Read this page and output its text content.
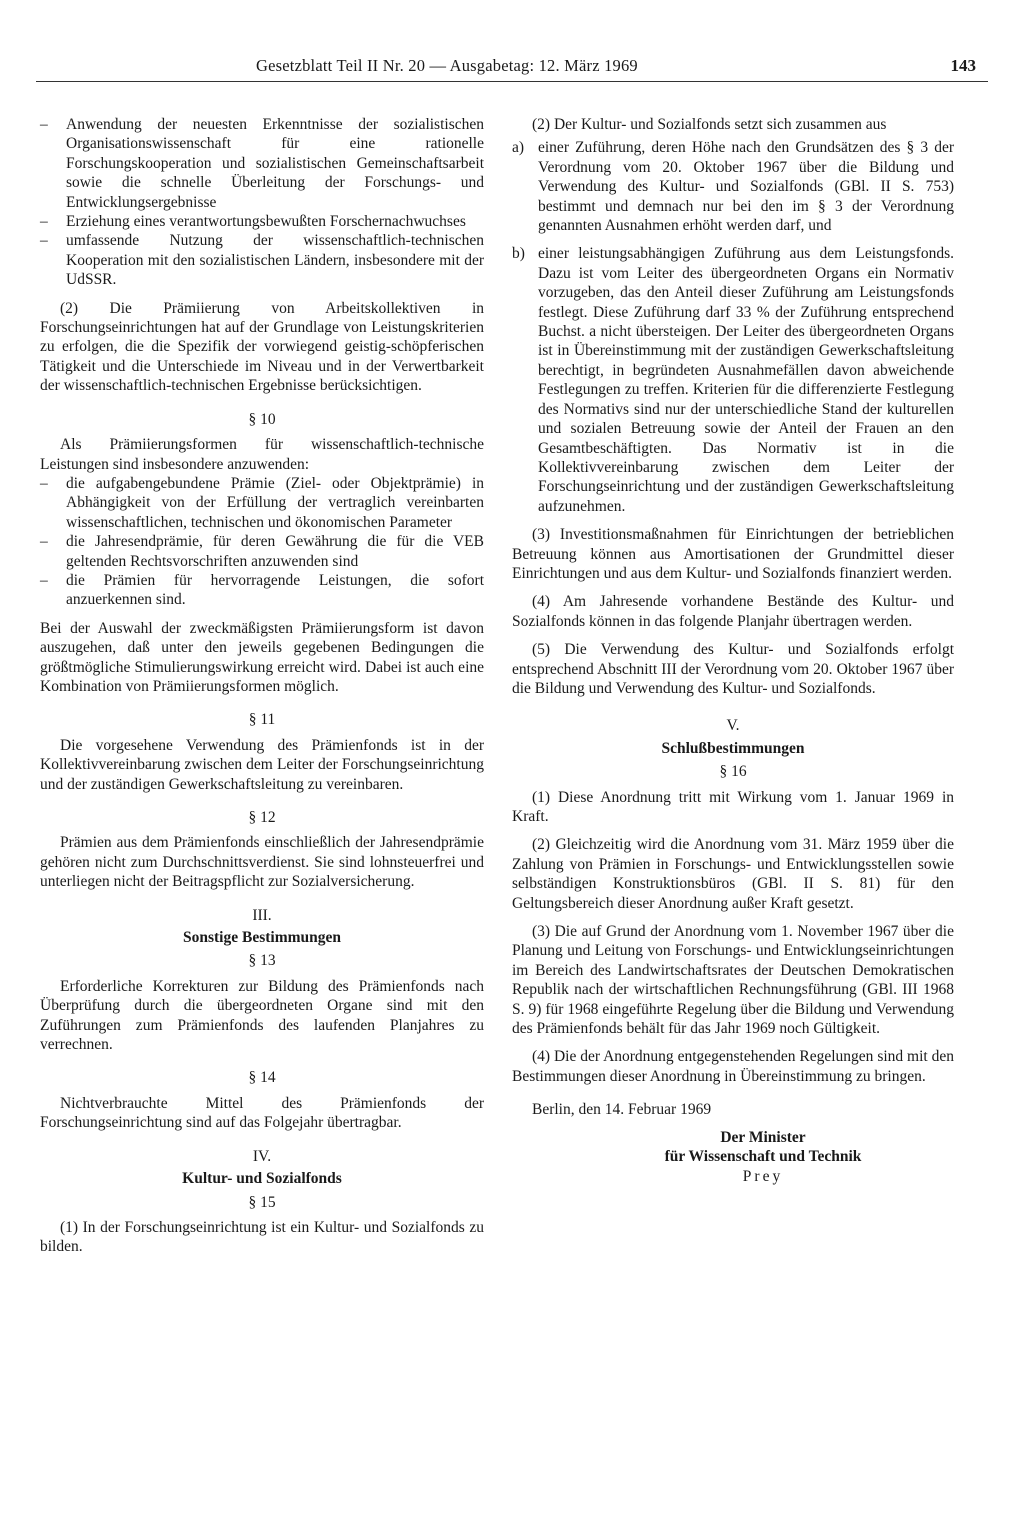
Gesetzblatt Teil II Nr. 20 — Ausgabetag: 12. März 1969	143
– Anwendung der neuesten Erkenntnisse der sozialistischen Organisationswissenschaft für eine rationelle Forschungskooperation und sozialistischen Gemeinschaftsarbeit sowie die schnelle Überleitung der Forschungs- und Entwicklungsergebnisse
– Erziehung eines verantwortungsbewußten Forschernachwuchses
– umfassende Nutzung der wissenschaftlich-technischen Kooperation mit den sozialistischen Ländern, insbesondere mit der UdSSR.

(2) Die Prämiierung von Arbeitskollektiven in Forschungseinrichtungen hat auf der Grundlage von Leistungskriterien zu erfolgen, die die Spezifik der vorwiegend geistig-schöpferischen Tätigkeit und die Unterschiede im Niveau und in der Verwertbarkeit der wissenschaftlich-technischen Ergebnisse berücksichtigen.

§ 10

Als Prämiierungsformen für wissenschaftlich-technische Leistungen sind insbesondere anzuwenden:

– die aufgabengebundene Prämie (Ziel- oder Objektprämie) in Abhängigkeit von der Erfüllung der vertraglich vereinbarten wissenschaftlichen, technischen und ökonomischen Parameter
– die Jahresendprämie, für deren Gewährung die für die VEB geltenden Rechtsvorschriften anzuwenden sind
– die Prämien für hervorragende Leistungen, die sofort anzuerkennen sind.

Bei der Auswahl der zweckmäßigsten Prämiierungsform ist davon auszugehen, daß unter den jeweils gegebenen Bedingungen die größtmögliche Stimulierungswirkung erreicht wird. Dabei ist auch eine Kombination von Prämiierungsformen möglich.

§ 11

Die vorgesehene Verwendung des Prämienfonds ist in der Kollektivvereinbarung zwischen dem Leiter der Forschungseinrichtung und der zuständigen Gewerkschaftsleitung zu vereinbaren.

§ 12

Prämien aus dem Prämienfonds einschließlich der Jahresendprämie gehören nicht zum Durchschnittsverdienst. Sie sind lohnsteuerfrei und unterliegen nicht der Beitragspflicht zur Sozialversicherung.

III.
Sonstige Bestimmungen
§ 13

Erforderliche Korrekturen zur Bildung des Prämienfonds nach Überprüfung durch die übergeordneten Organe sind mit den Zuführungen zum Prämienfonds des laufenden Planjahres zu verrechnen.

§ 14

Nichtverbrauchte Mittel des Prämienfonds der Forschungseinrichtung sind auf das Folgejahr übertragbar.

IV.
Kultur- und Sozialfonds
§ 15

(1) In der Forschungseinrichtung ist ein Kultur- und Sozialfonds zu bilden.

(2) Der Kultur- und Sozialfonds setzt sich zusammen aus

a) einer Zuführung, deren Höhe nach den Grundsätzen des § 3 der Verordnung vom 20. Oktober 1967 über die Bildung und Verwendung des Kultur- und Sozialfonds (GBl. II S. 753) bestimmt und demnach nur bei den im § 3 der Verordnung genannten Ausnahmen erhöht werden darf, und
b) einer leistungsabhängigen Zuführung aus dem Leistungsfonds. Dazu ist vom Leiter des übergeordneten Organs ein Normativ vorzugeben, das den Anteil dieser Zuführung am Leistungsfonds festlegt. Diese Zuführung darf 33 % der Zuführung entsprechend Buchst. a nicht übersteigen. Der Leiter des übergeordneten Organs ist in Übereinstimmung mit der zuständigen Gewerkschaftsleitung berechtigt, in begründeten Ausnahmefällen davon abweichende Festlegungen zu treffen. Kriterien für die differenzierte Festlegung des Normativs sind nur der unterschiedliche Stand der kulturellen und sozialen Betreuung sowie der Anteil der Frauen an den Gesamtbeschäftigten. Das Normativ ist in die Kollektivvereinbarung zwischen dem Leiter der Forschungseinrichtung und der zuständigen Gewerkschaftsleitung aufzunehmen.

(3) Investitionsmaßnahmen für Einrichtungen der betrieblichen Betreuung können aus Amortisationen der Grundmittel dieser Einrichtungen und aus dem Kultur- und Sozialfonds finanziert werden.

(4) Am Jahresende vorhandene Bestände des Kultur- und Sozialfonds können in das folgende Planjahr übertragen werden.

(5) Die Verwendung des Kultur- und Sozialfonds erfolgt entsprechend Abschnitt III der Verordnung vom 20. Oktober 1967 über die Bildung und Verwendung des Kultur- und Sozialfonds.

V.
Schlußbestimmungen
§ 16

(1) Diese Anordnung tritt mit Wirkung vom 1. Januar 1969 in Kraft.

(2) Gleichzeitig wird die Anordnung vom 31. März 1959 über die Zahlung von Prämien in Forschungs- und Entwicklungsstellen sowie selbständigen Konstruktionsbüros (GBl. II S. 81) für den Geltungsbereich dieser Anordnung außer Kraft gesetzt.

(3) Die auf Grund der Anordnung vom 1. November 1967 über die Planung und Leitung von Forschungs- und Entwicklungseinrichtungen im Bereich des Landwirtschaftsrates der Deutschen Demokratischen Republik nach der wirtschaftlichen Rechnungsführung (GBl. III 1968 S. 9) für 1968 eingeführte Regelung über die Bildung und Verwendung des Prämienfonds behält für das Jahr 1969 noch Gültigkeit.

(4) Die der Anordnung entgegenstehenden Regelungen sind mit den Bestimmungen dieser Anordnung in Übereinstimmung zu bringen.

Berlin, den 14. Februar 1969

Der Minister
für Wissenschaft und Technik
Prey
